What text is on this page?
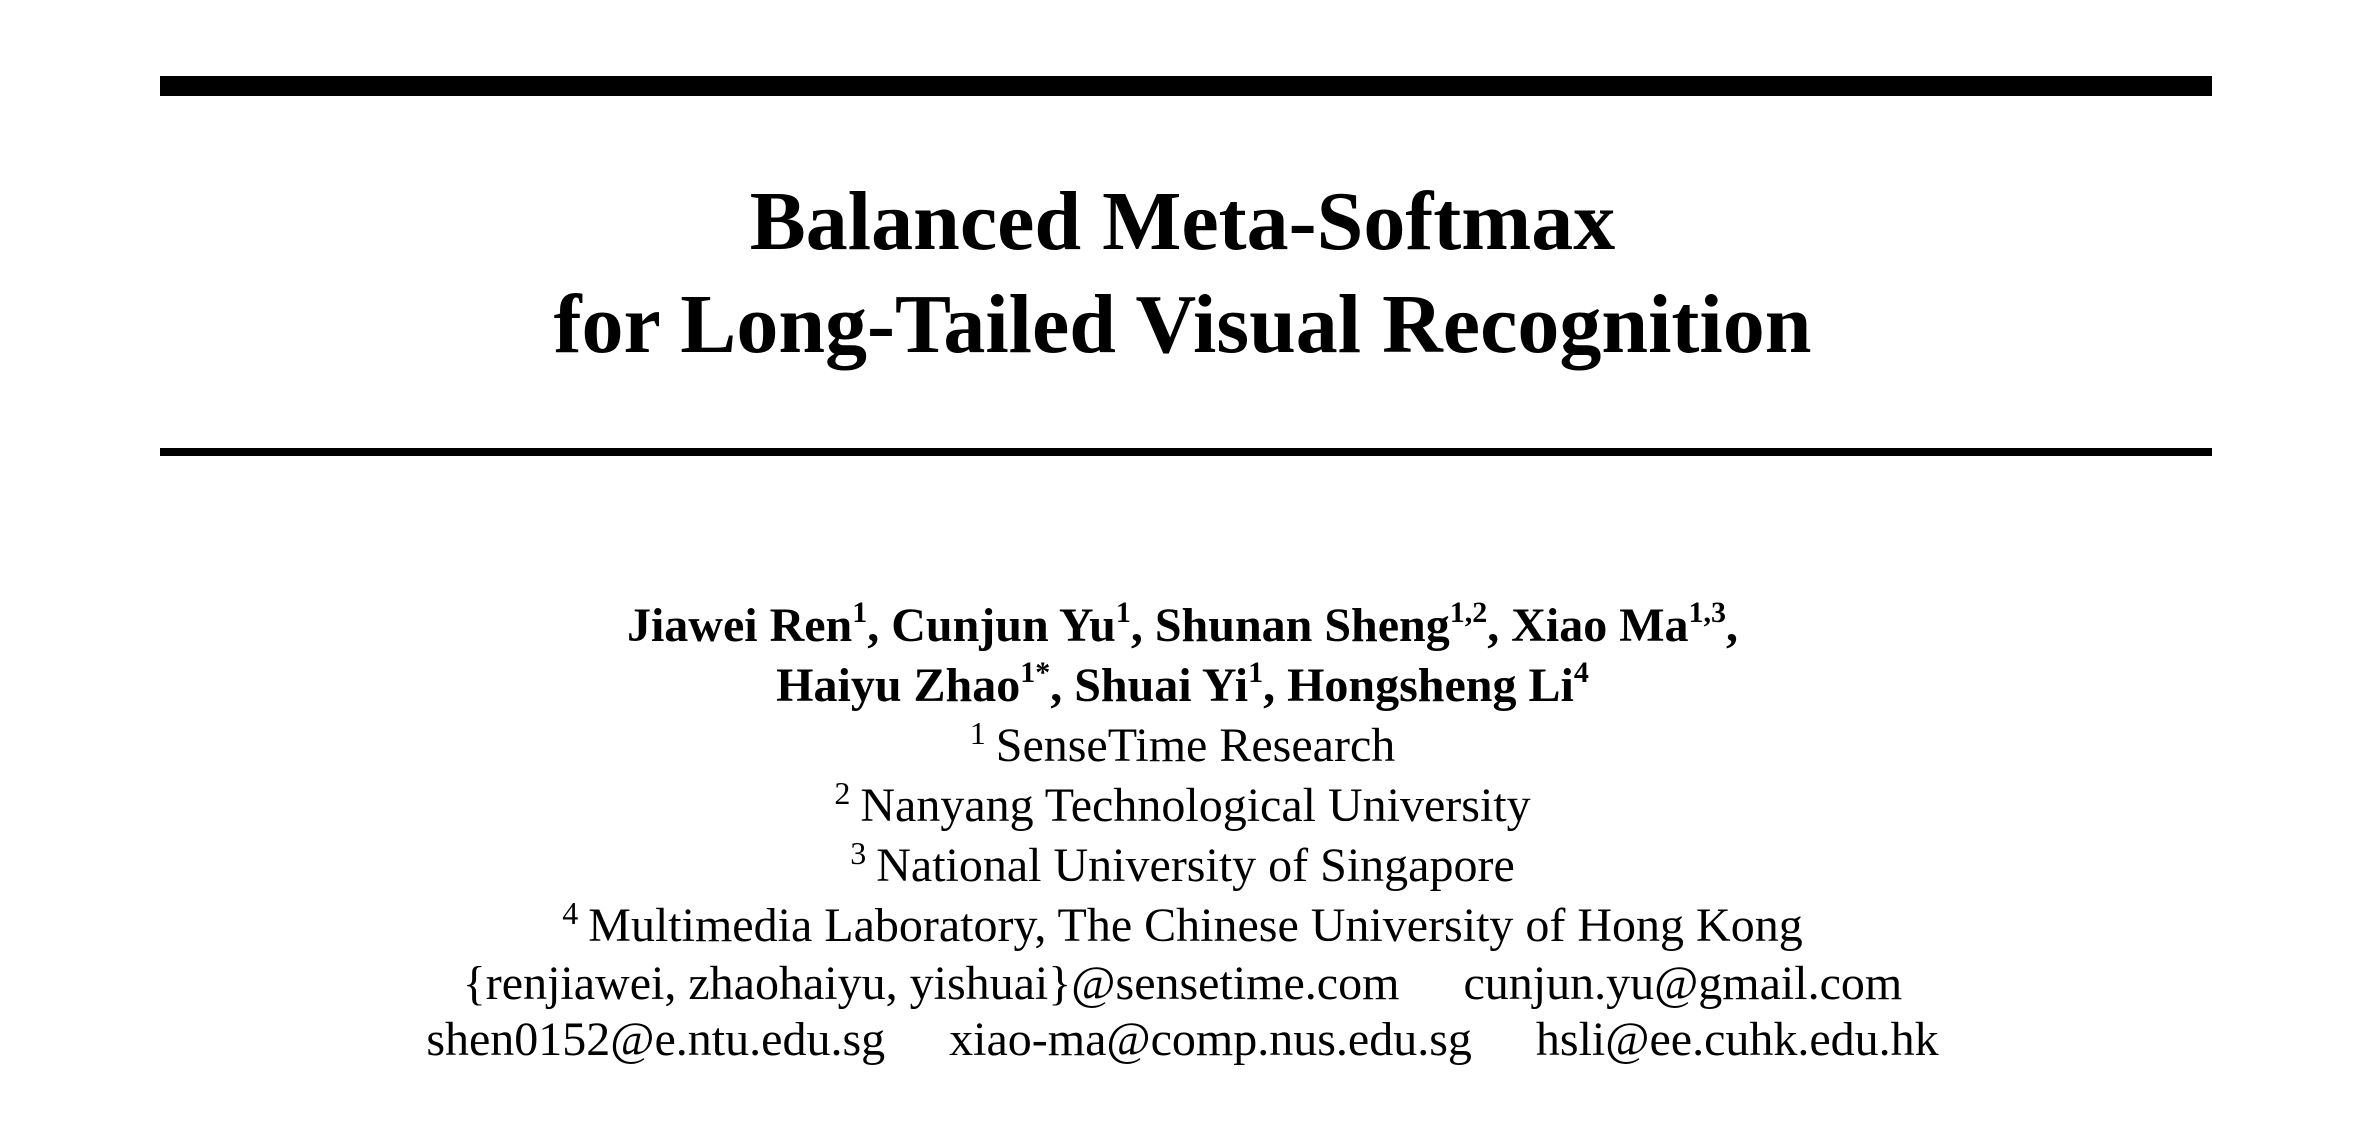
Balanced Meta-Softmax
for Long-Tailed Visual Recognition
Jiawei Ren$^1$, Cunjun Yu$^1$, Shunan Sheng$^{1,2}$, Xiao Ma$^{1,3}$,
Haiyu Zhao$^{1*}$, Shuai Yi$^1$, Hongsheng Li$^4$
$^1$ SenseTime Research
$^2$ Nanyang Technological University
$^3$ National University of Singapore
$^4$ Multimedia Laboratory, The Chinese University of Hong Kong
{renjiawei, zhaohaiyu, yishuai}@sensetime.com cunjun.yu@gmail.com
shen0152@e.ntu.edu.sg xiao-ma@comp.nus.edu.sg hsli@ee.cuhk.edu.hk
